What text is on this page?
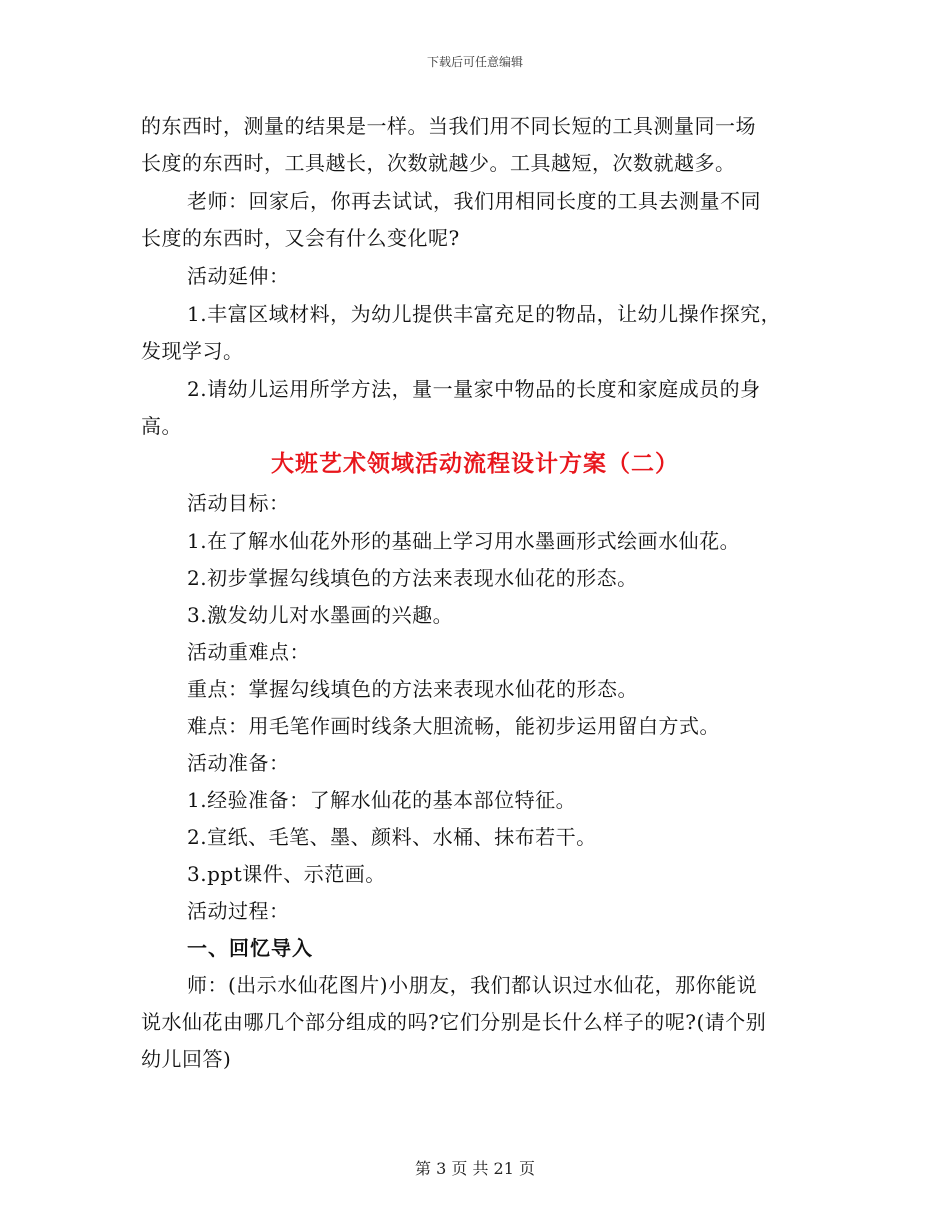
下载后可任意编辑
的东西时，测量的结果是一样。当我们用不同长短的工具测量同一场
长度的东西时，工具越长，次数就越少。工具越短，次数就越多。
老师：回家后，你再去试试，我们用相同长度的工具去测量不同
长度的东西时，又会有什么变化呢?
活动延伸：
1.丰富区域材料，为幼儿提供丰富充足的物品，让幼儿操作探究，
发现学习。
2.请幼儿运用所学方法，量一量家中物品的长度和家庭成员的身
高。
大班艺术领域活动流程设计方案（二）
活动目标：
1.在了解水仙花外形的基础上学习用水墨画形式绘画水仙花。
2.初步掌握勾线填色的方法来表现水仙花的形态。
3.激发幼儿对水墨画的兴趣。
活动重难点：
重点：掌握勾线填色的方法来表现水仙花的形态。
难点：用毛笔作画时线条大胆流畅，能初步运用留白方式。
活动准备：
1.经验准备：了解水仙花的基本部位特征。
2.宣纸、毛笔、墨、颜料、水桶、抹布若干。
3.ppt课件、示范画。
活动过程：
一、回忆导入
师：(出示水仙花图片)小朋友，我们都认识过水仙花，那你能说
说水仙花由哪几个部分组成的吗?它们分别是长什么样子的呢?(请个别
幼儿回答)
第 3 页 共 21 页
